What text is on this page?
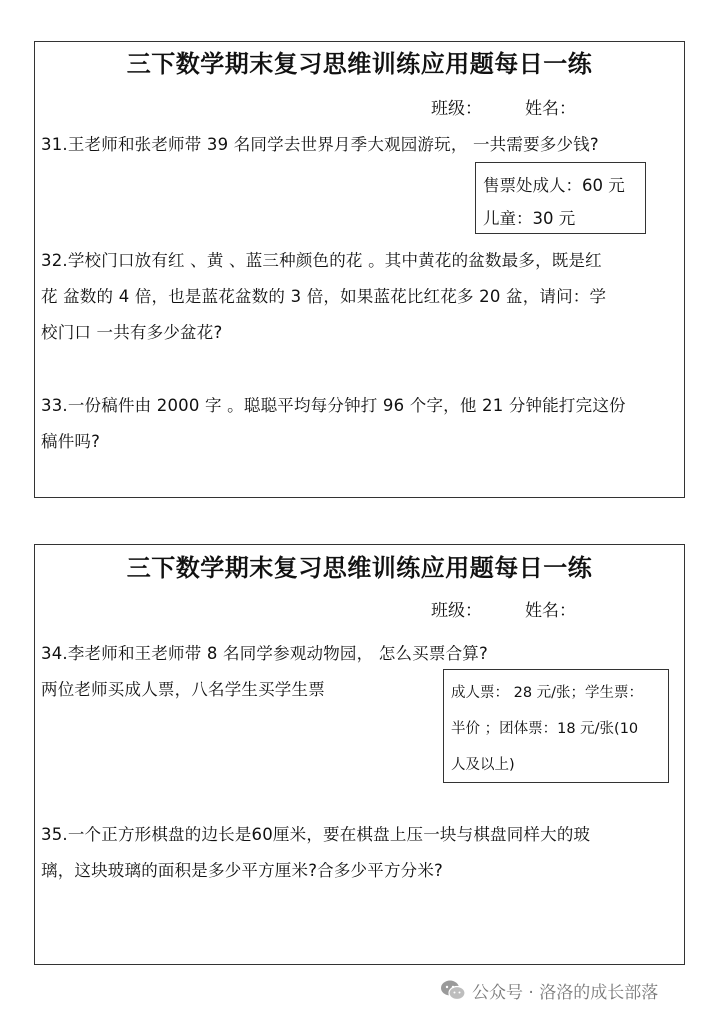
三下数学期末复习思维训练应用题每日一练
班级：	姓名：
31.王老师和张老师带 39 名同学去世界月季大观园游玩， 一共需要多少钱?
售票处成人：60 元
儿童：30 元
32.学校门口放有红 、黄 、蓝三种颜色的花 。其中黄花的盆数最多，既是红
花 盆数的 4 倍，也是蓝花盆数的 3 倍，如果蓝花比红花多 20 盆，请问：学
校门口 一共有多少盆花?
33.一份稿件由 2000 字 。聪聪平均每分钟打 96 个字，他 21 分钟能打完这份
稿件吗?
三下数学期末复习思维训练应用题每日一练
班级：	姓名：
34.李老师和王老师带 8 名同学参观动物园， 怎么买票合算?
两位老师买成人票，八名学生买学生票	成人票： 28 元/张；学生票：
半价 ；团体票：18 元/张(10
人及以上)
35.一个正方形棋盘的边长是60厘米，要在棋盘上压一块与棋盘同样大的玻
璃，这块玻璃的面积是多少平方厘米?合多少平方分米?
公众号 · 洛洛的成长部落
